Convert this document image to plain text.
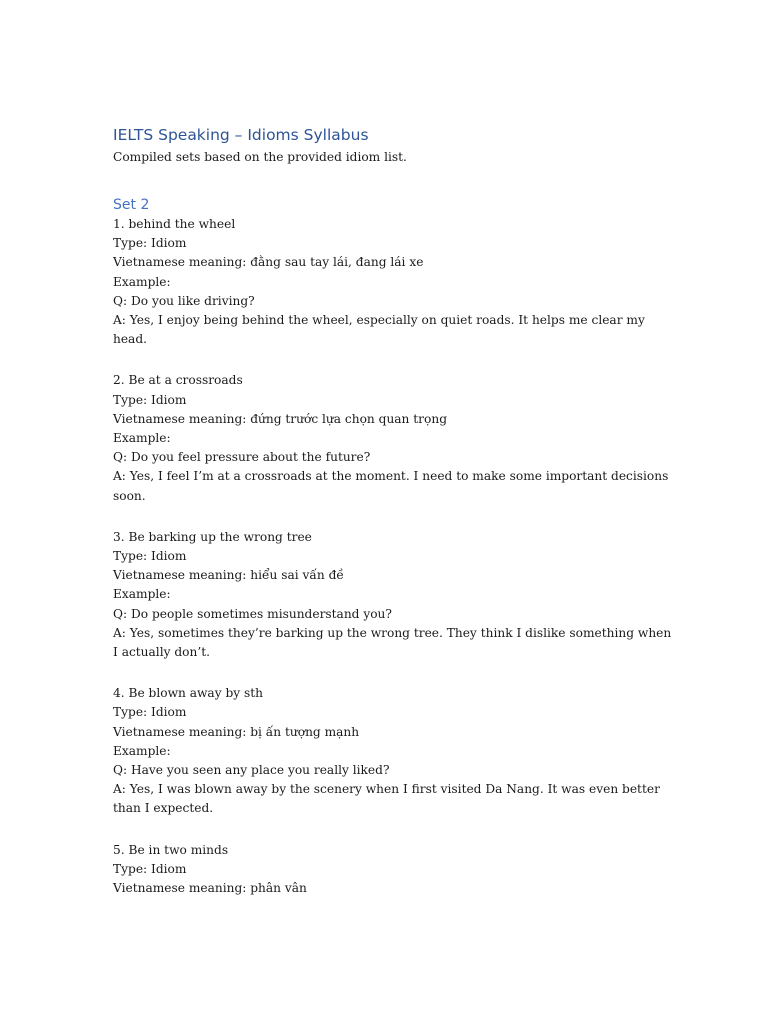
IELTS Speaking – Idioms Syllabus

Compiled sets based on the provided idiom list.

Set 2

1. behind the wheel

Type: Idiom

Vietnamese meaning: đằng sau tay lái, đang lái xe

Example:

Q: Do you like driving?

A: Yes, I enjoy being behind the wheel, especially on quiet roads. It helps me clear my head.

2. Be at a crossroads

Type: Idiom

Vietnamese meaning: đứng trước lựa chọn quan trọng

Example:

Q: Do you feel pressure about the future?

A: Yes, I feel I’m at a crossroads at the moment. I need to make some important decisions soon.

3. Be barking up the wrong tree

Type: Idiom

Vietnamese meaning: hiểu sai vấn đề

Example:

Q: Do people sometimes misunderstand you?

A: Yes, sometimes they’re barking up the wrong tree. They think I dislike something when I actually don’t.

4. Be blown away by sth

Type: Idiom

Vietnamese meaning: bị ấn tượng mạnh

Example:

Q: Have you seen any place you really liked?

A: Yes, I was blown away by the scenery when I first visited Da Nang. It was even better than I expected.

5. Be in two minds

Type: Idiom

Vietnamese meaning: phân vân
